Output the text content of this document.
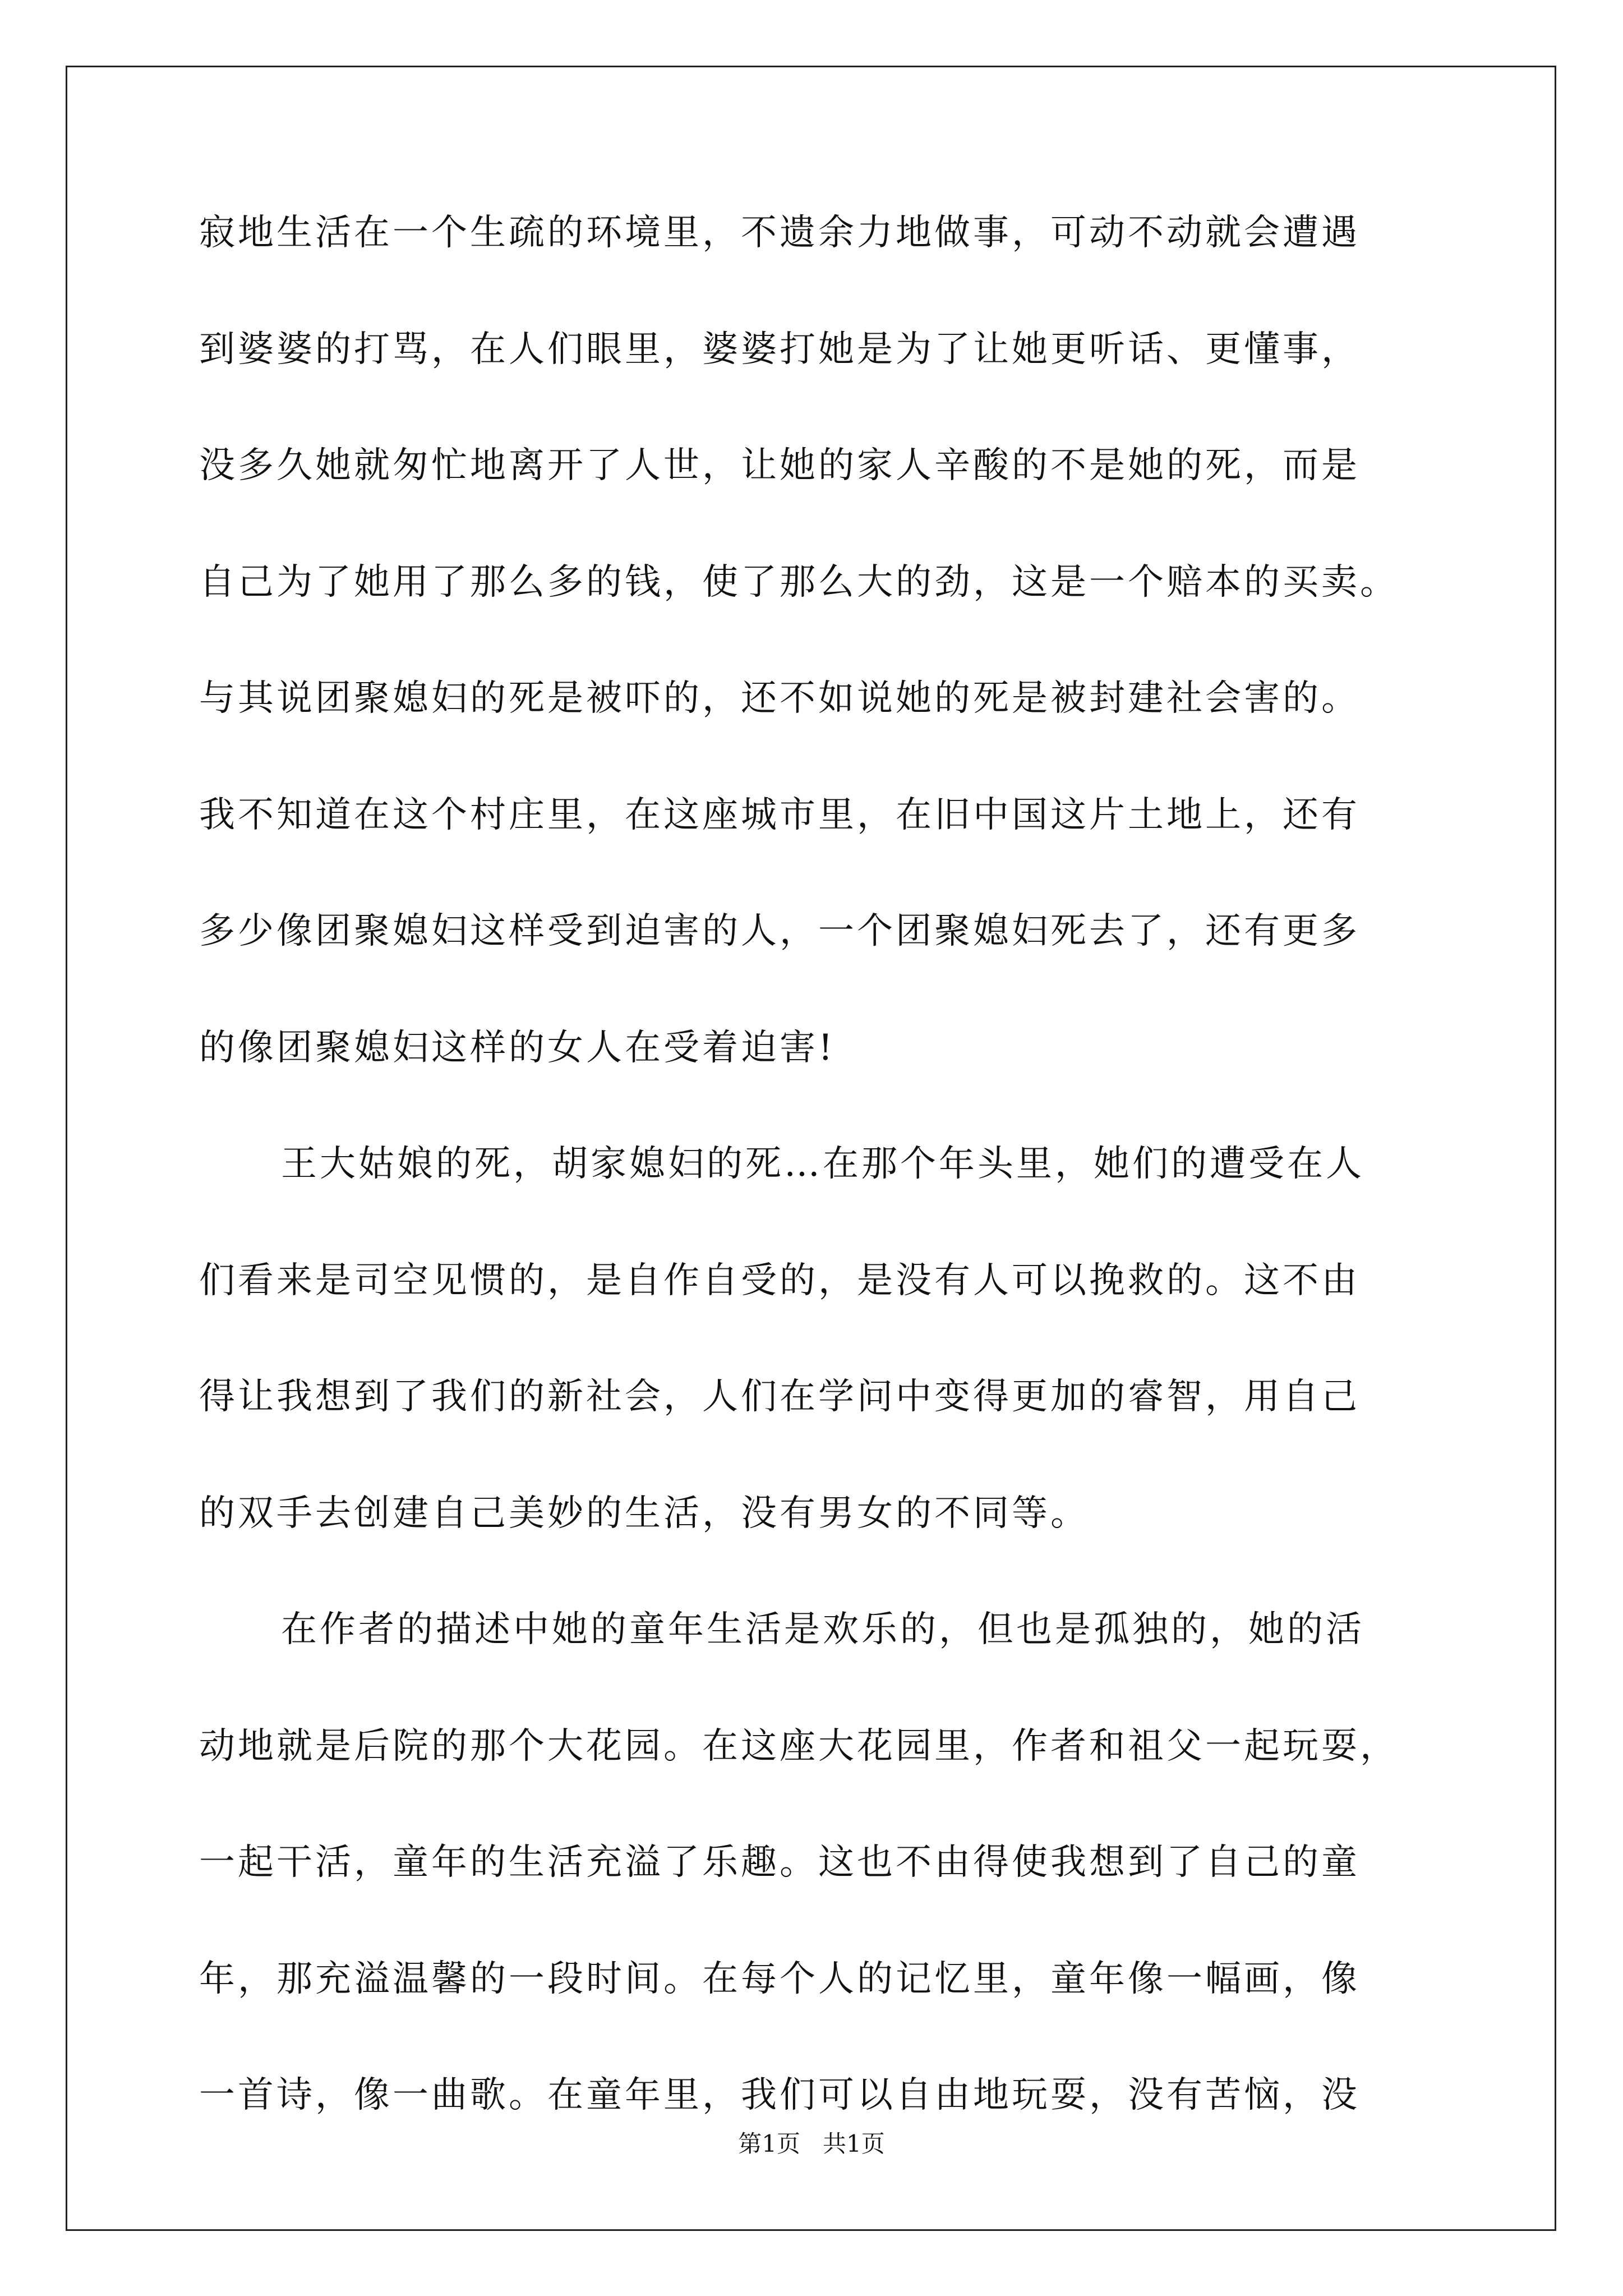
寂地生活在一个生疏的环境里，不遗余力地做事，可动不动就会遭遇
到婆婆的打骂，在人们眼里，婆婆打她是为了让她更听话、更懂事，
没多久她就匆忙地离开了人世，让她的家人辛酸的不是她的死，而是
自己为了她用了那么多的钱，使了那么大的劲，这是一个赔本的买卖。
与其说团聚媳妇的死是被吓的，还不如说她的死是被封建社会害的。
我不知道在这个村庄里，在这座城市里，在旧中国这片土地上，还有
多少像团聚媳妇这样受到迫害的人，一个团聚媳妇死去了，还有更多
的像团聚媳妇这样的女人在受着迫害!
王大姑娘的死，胡家媳妇的死…在那个年头里，她们的遭受在人
们看来是司空见惯的，是自作自受的，是没有人可以挽救的。这不由
得让我想到了我们的新社会，人们在学问中变得更加的睿智，用自己
的双手去创建自己美妙的生活，没有男女的不同等。
在作者的描述中她的童年生活是欢乐的，但也是孤独的，她的活
动地就是后院的那个大花园。在这座大花园里，作者和祖父一起玩耍，
一起干活，童年的生活充溢了乐趣。这也不由得使我想到了自己的童
年，那充溢温馨的一段时间。在每个人的记忆里，童年像一幅画，像
一首诗，像一曲歌。在童年里，我们可以自由地玩耍，没有苦恼，没
第1页   共1页
